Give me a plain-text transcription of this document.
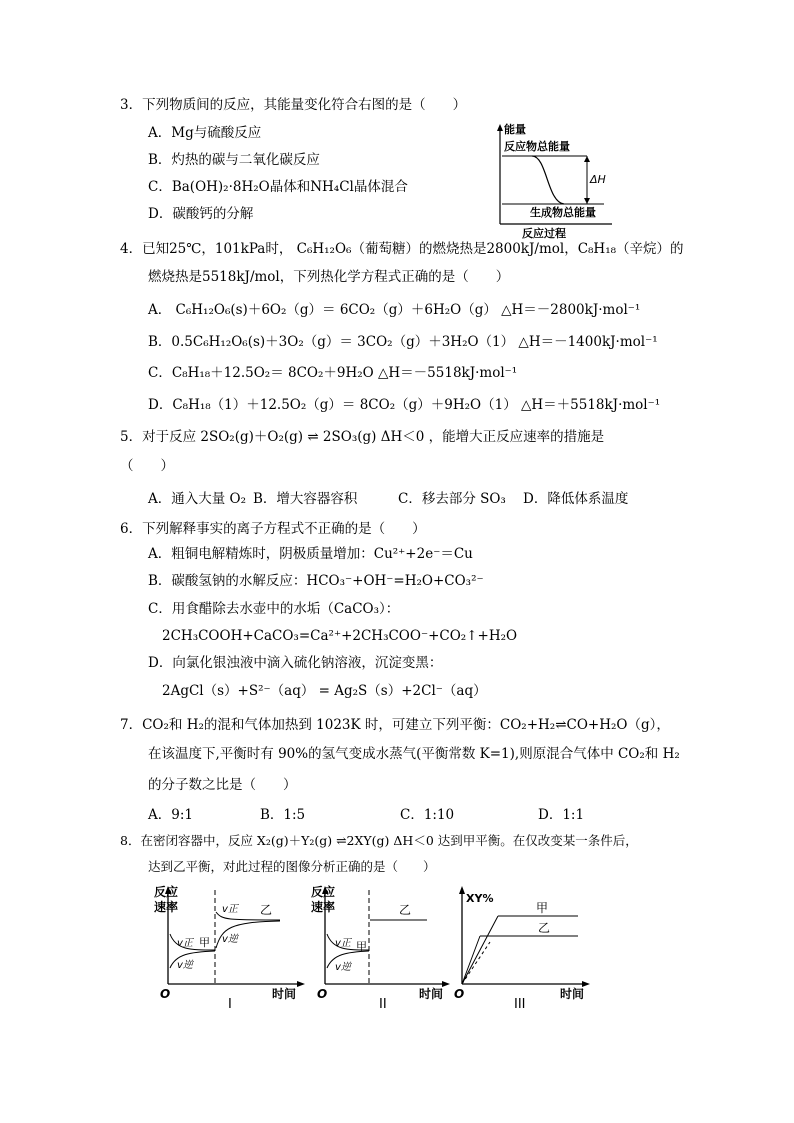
3．下列物质间的反应，其能量变化符合右图的是（　　）
A．Mg与硫酸反应
B．灼热的碳与二氧化碳反应
C．Ba(OH)₂·8H₂O晶体和NH₄Cl晶体混合
D．碳酸钙的分解
能量
反应物总能量
ΔH
生成物总能量
反应过程
4．已知25℃，101kPa时， C₆H₁₂O₆（葡萄糖）的燃烧热是2800kJ/mol，C₈H₁₈（辛烷）的
燃烧热是5518kJ/mol，下列热化学方程式正确的是（　　）
A． C₆H₁₂O₆(s)＋6O₂（g）＝ 6CO₂（g）＋6H₂O（g） △H＝－2800kJ·mol⁻¹
B．0.5C₆H₁₂O₆(s)＋3O₂（g）＝ 3CO₂（g）＋3H₂O（1） △H＝－1400kJ·mol⁻¹
C．C₈H₁₈＋12.5O₂＝ 8CO₂＋9H₂O △H＝－5518kJ·mol⁻¹
D．C₈H₁₈（1）＋12.5O₂（g）＝ 8CO₂（g）＋9H₂O（1） △H＝＋5518kJ·mol⁻¹
5．对于反应 2SO₂(g)＋O₂(g) ⇌ 2SO₃(g) ΔH＜0 ，能增大正反应速率的措施是
（　　）
A．通入大量 O₂ B．增大容器容积	C．移去部分 SO₃ D．降低体系温度
6．下列解释事实的离子方程式不正确的是（　　）
A．粗铜电解精炼时，阴极质量增加：Cu²⁺+2e⁻＝Cu
B．碳酸氢钠的水解反应：HCO₃⁻+OH⁻=H₂O+CO₃²⁻
C．用食醋除去水壶中的水垢（CaCO₃）：
2CH₃COOH+CaCO₃=Ca²⁺+2CH₃COO⁻+CO₂↑+H₂O
D．向氯化银浊液中滴入硫化钠溶液，沉淀变黑：
2AgCl（s）+S²⁻（aq） = Ag₂S（s）+2Cl⁻（aq）
7．CO₂和 H₂的混和气体加热到 1023K 时，可建立下列平衡：CO₂+H₂⇌CO+H₂O（g），
在该温度下,平衡时有 90%的氢气变成水蒸气(平衡常数 K=1),则原混合气体中 CO₂和 H₂
的分子数之比是（　　）
A．9:1	B．1:5	C．1:10	D．1:1
8．在密闭容器中，反应 X₂(g)＋Y₂(g) ⇌2XY(g) ΔH＜0 达到甲平衡。在仅改变某一条件后，
达到乙平衡，对此过程的图像分析正确的是（　　）
反应
速率
O	时间
v正 甲
v逆
v正 乙
v逆
I
反应
速率
O	时间
v正 甲
v逆
乙
II
XY%
O	时间
甲
乙
III
